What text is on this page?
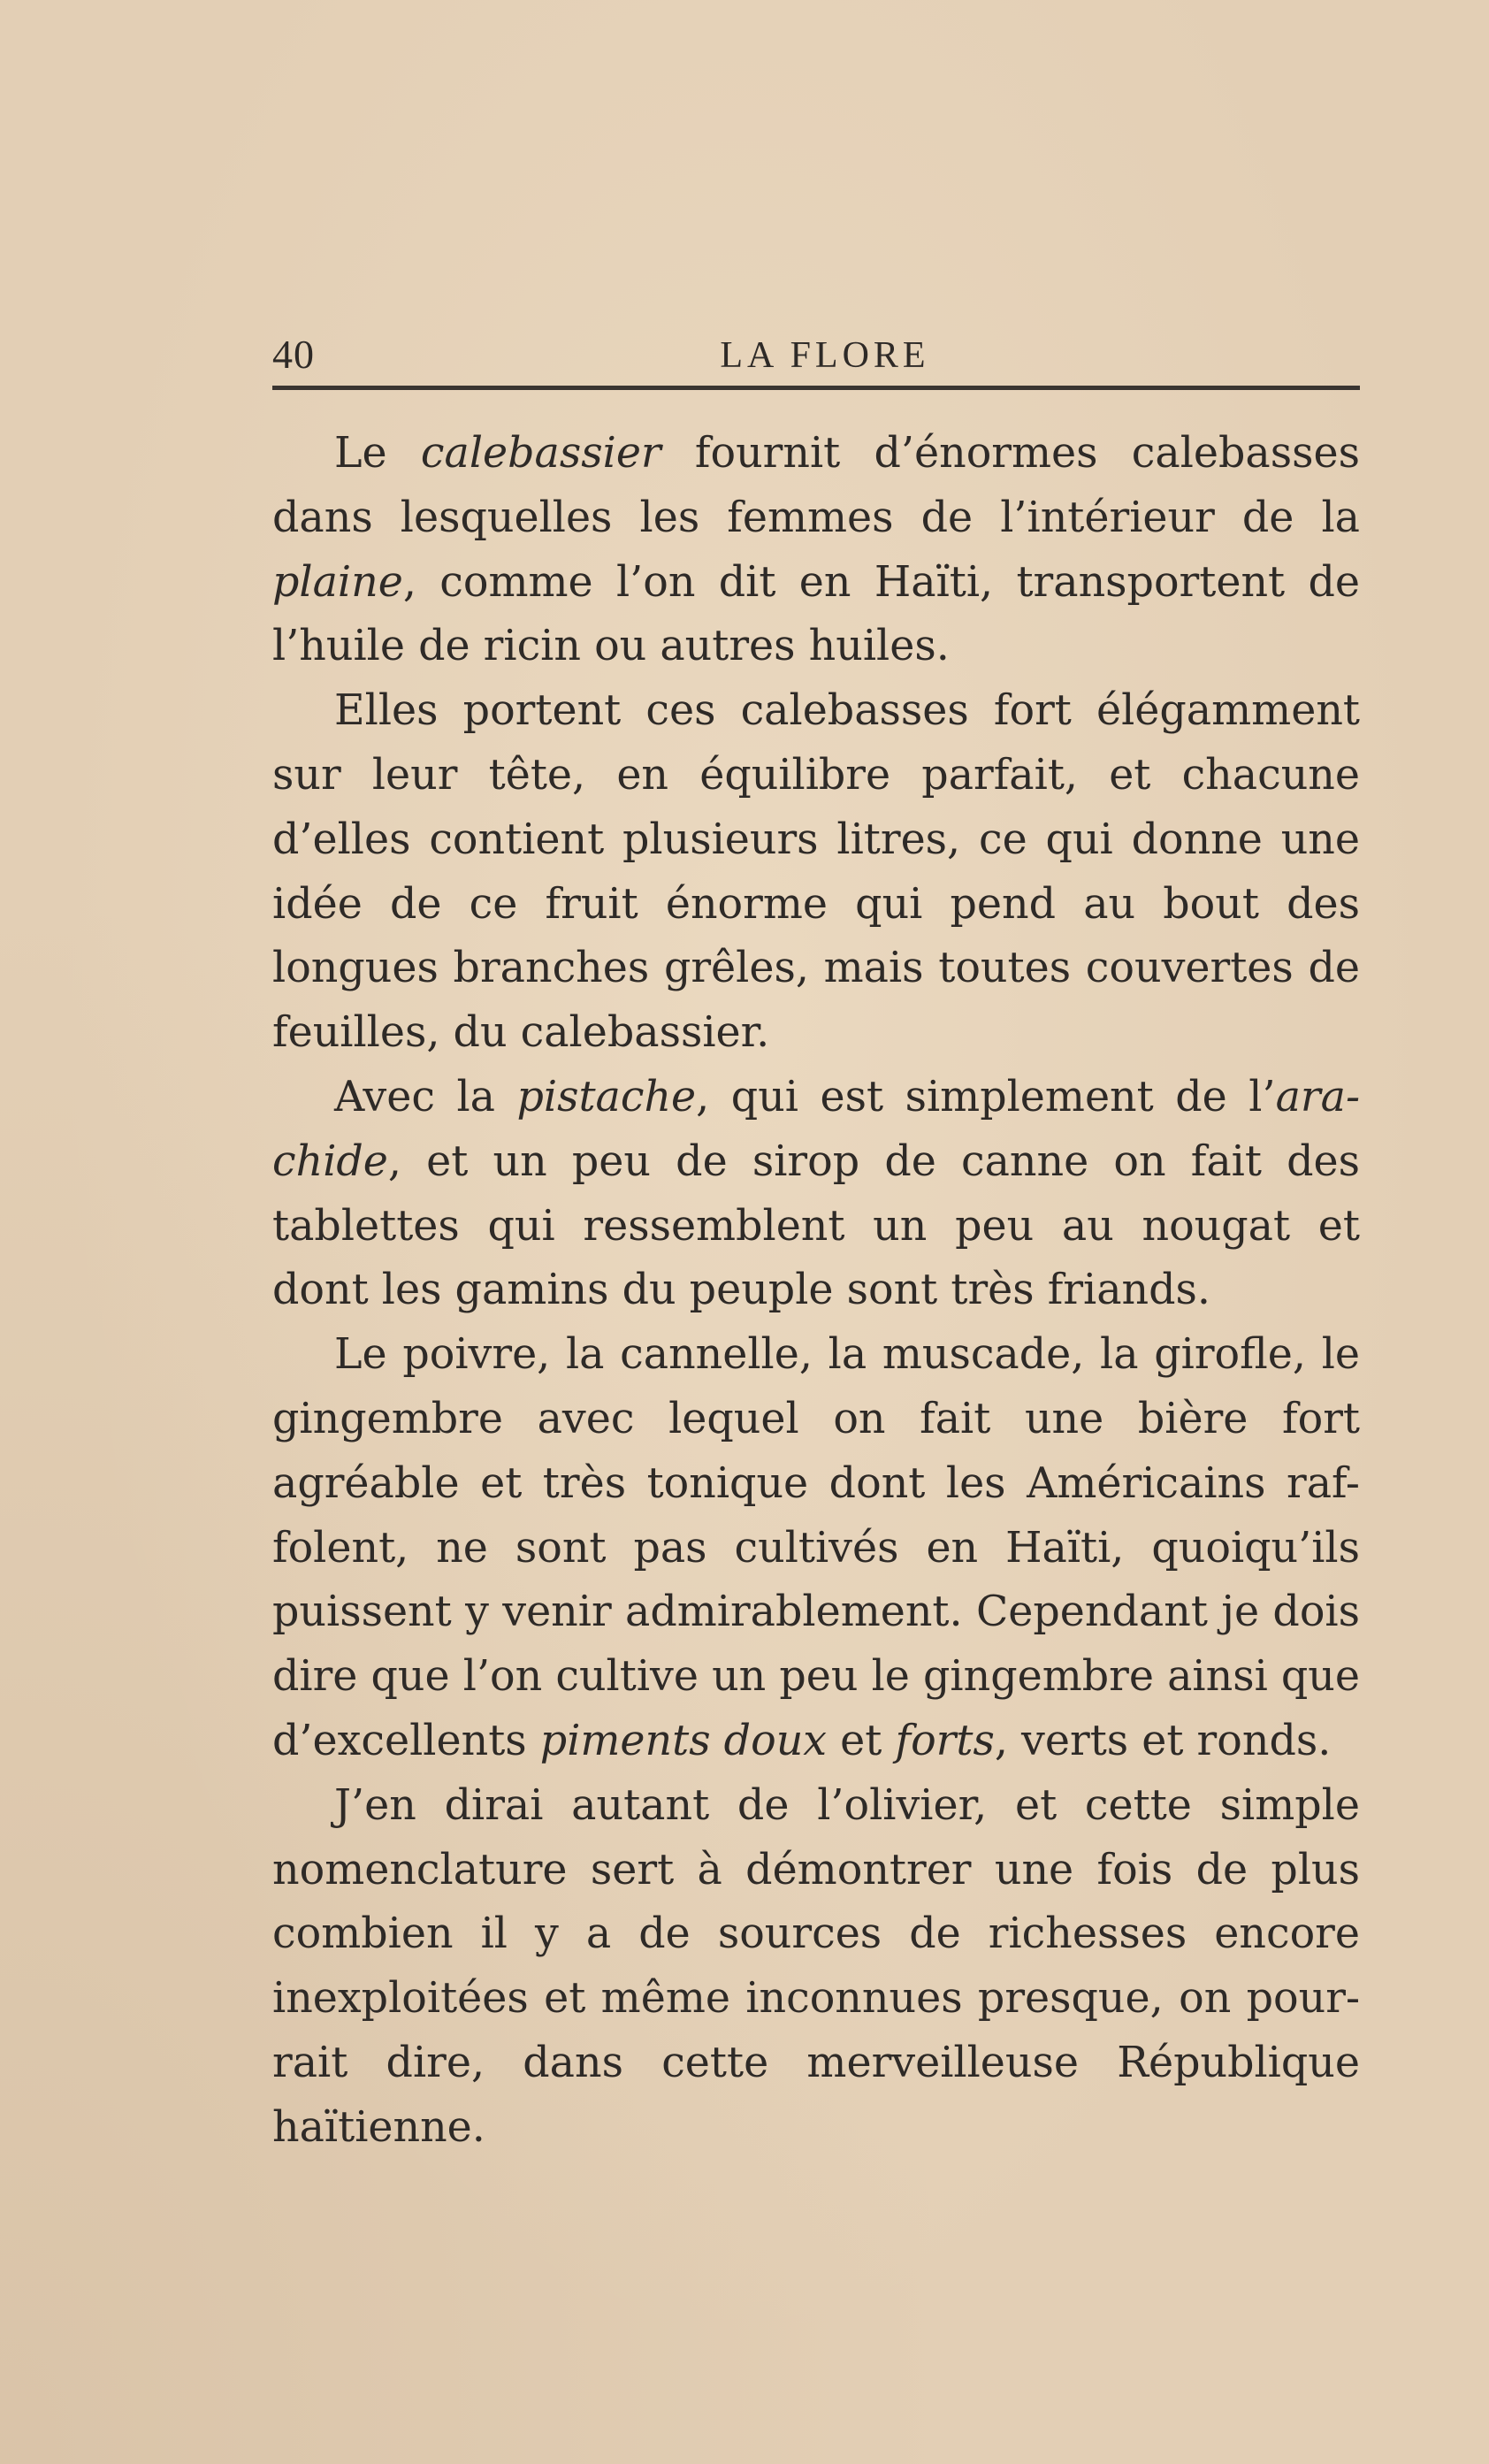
40	LA FLORE

Le calebassier fournit d’énormes calebasses dans lesquelles les femmes de l’intérieur de la plaine, comme l’on dit en Haïti, transportent de l’huile de ricin ou autres huiles.

Elles portent ces calebasses fort élégamment sur leur tête, en équilibre parfait, et chacune d’elles contient plusieurs litres, ce qui donne une idée de ce fruit énorme qui pend au bout des longues branches grêles, mais toutes couvertes de feuilles, du calebassier.

Avec la pistache, qui est simplement de l’ara-chide, et un peu de sirop de canne on fait des tablettes qui ressemblent un peu au nougat et dont les gamins du peuple sont très friands.

Le poivre, la cannelle, la muscade, la girofle, le gingembre avec lequel on fait une bière fort agréable et très tonique dont les Américains raf-folent, ne sont pas cultivés en Haïti, quoiqu’ils puissent y venir admirablement. Cependant je dois dire que l’on cultive un peu le gingembre ainsi que d’excellents piments doux et forts, verts et ronds.

J’en dirai autant de l’olivier, et cette simple nomenclature sert à démontrer une fois de plus combien il y a de sources de richesses encore inexploitées et même inconnues presque, on pour-rait dire, dans cette merveilleuse République haïtienne.
